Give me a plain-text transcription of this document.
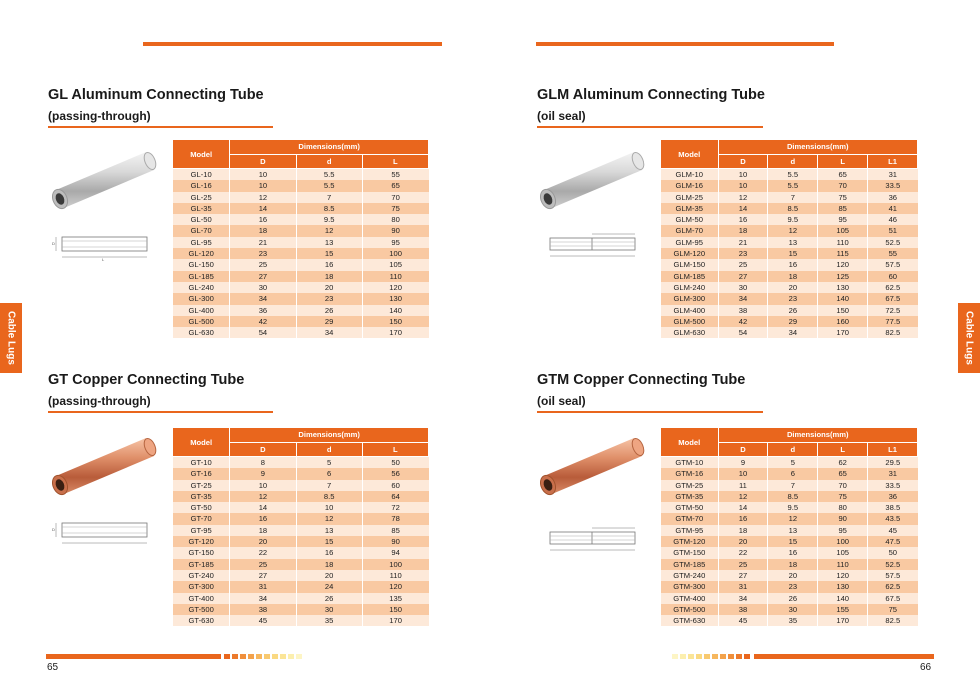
Cable Lugs	Cable Lugs
GL Aluminum Connecting Tube

(passing-through)

D
L
Model	Dimensions(mm)		
	D	d	L
GL-10	10	5.5	55
GL-16	10	5.5	65
GL-25	12	7	70
GL-35	14	8.5	75
GL-50	16	9.5	80
GL-70	18	12	90
GL-95	21	13	95
GL-120	23	15	100
GL-150	25	16	105
GL-185	27	18	110
GL-240	30	20	120
GL-300	34	23	130
GL-400	36	26	140
GL-500	42	29	150
GL-630	54	34	170
GLM Aluminum Connecting Tube

(oil seal)

Model	Dimensions(mm)			
	D	d	L	L1
GLM-10	10	5.5	65	31
GLM-16	10	5.5	70	33.5
GLM-25	12	7	75	36
GLM-35	14	8.5	85	41
GLM-50	16	9.5	95	46
GLM-70	18	12	105	51
GLM-95	21	13	110	52.5
GLM-120	23	15	115	55
GLM-150	25	16	120	57.5
GLM-185	27	18	125	60
GLM-240	30	20	130	62.5
GLM-300	34	23	140	67.5
GLM-400	38	26	150	72.5
GLM-500	42	29	160	77.5
GLM-630	54	34	170	82.5
GT Copper Connecting Tube

(passing-through)

D
Model	Dimensions(mm)		
	D	d	L
GT-10	8	5	50
GT-16	9	6	56
GT-25	10	7	60
GT-35	12	8.5	64
GT-50	14	10	72
GT-70	16	12	78
GT-95	18	13	85
GT-120	20	15	90
GT-150	22	16	94
GT-185	25	18	100
GT-240	27	20	110
GT-300	31	24	120
GT-400	34	26	135
GT-500	38	30	150
GT-630	45	35	170
GTM Copper Connecting Tube

(oil seal)

Model	Dimensions(mm)			
	D	d	L	L1
GTM-10	9	5	62	29.5
GTM-16	10	6	65	31
GTM-25	11	7	70	33.5
GTM-35	12	8.5	75	36
GTM-50	14	9.5	80	38.5
GTM-70	16	12	90	43.5
GTM-95	18	13	95	45
GTM-120	20	15	100	47.5
GTM-150	22	16	105	50
GTM-185	25	18	110	52.5
GTM-240	27	20	120	57.5
GTM-300	31	23	130	62.5
GTM-400	34	26	140	67.5
GTM-500	38	30	155	75
GTM-630	45	35	170	82.5
65	66
